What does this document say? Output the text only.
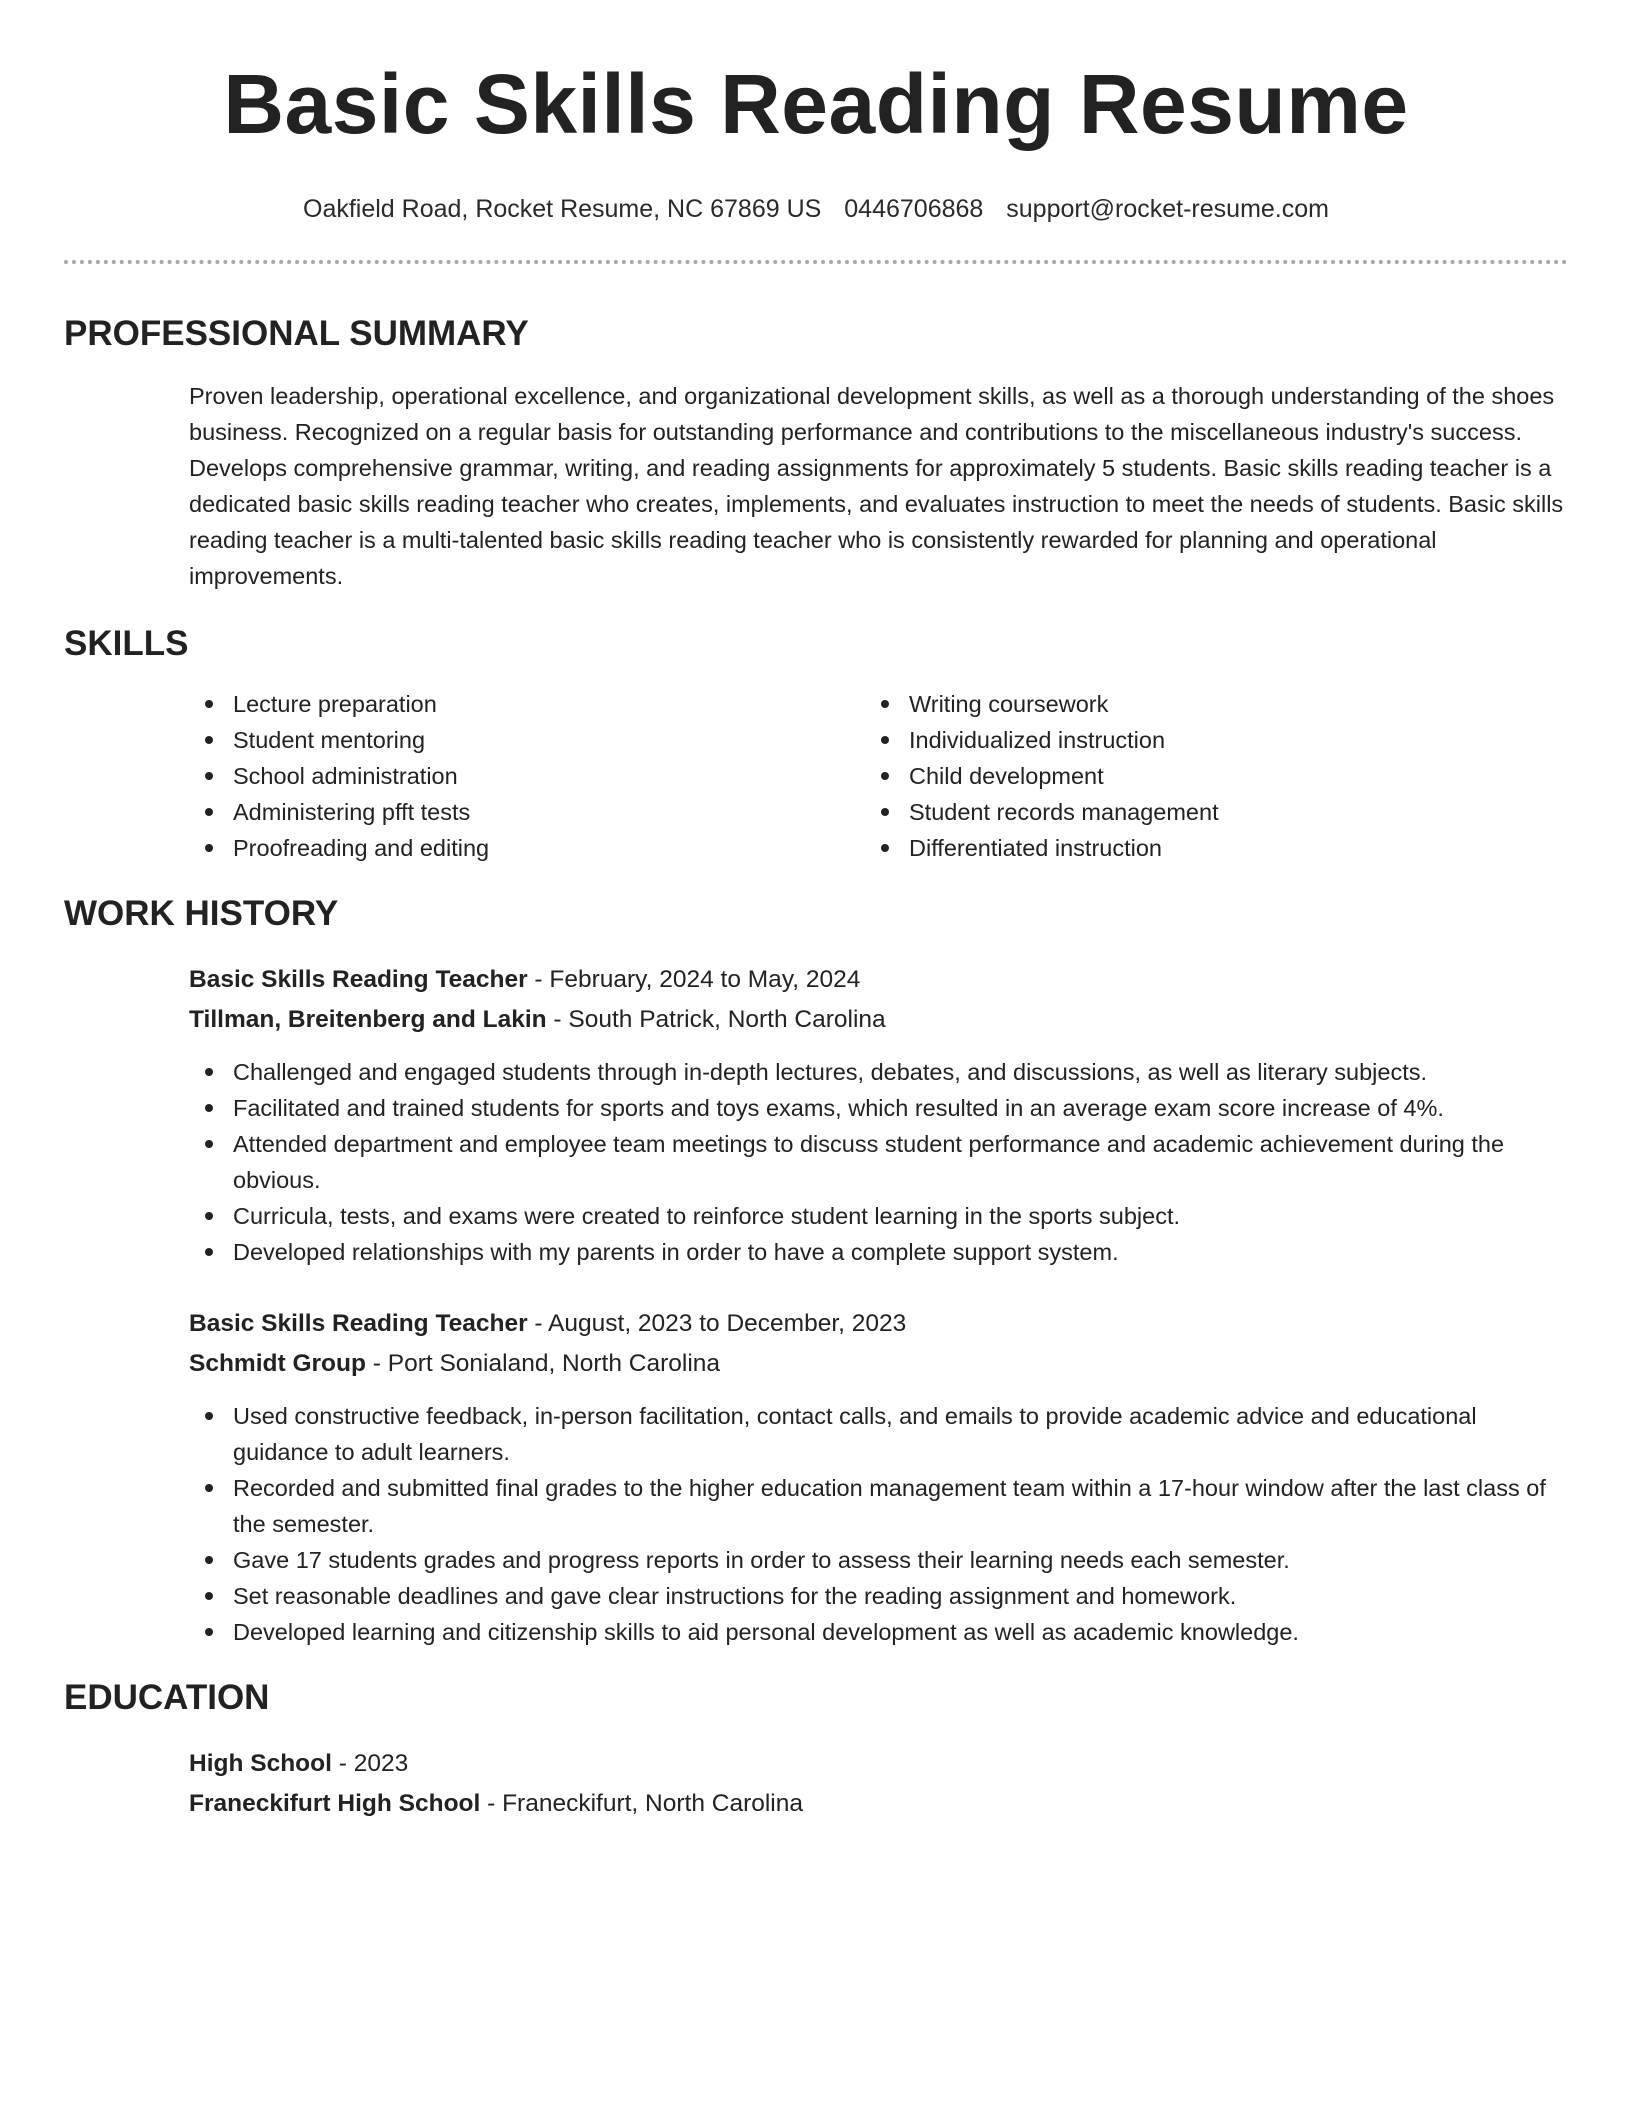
Basic Skills Reading Resume
Oakfield Road, Rocket Resume, NC 67869 US 0446706868 support@rocket-resume.com
PROFESSIONAL SUMMARY

Proven leadership, operational excellence, and organizational development skills, as well as a thorough understanding of the shoes business. Recognized on a regular basis for outstanding performance and contributions to the miscellaneous industry's success. Develops comprehensive grammar, writing, and reading assignments for approximately 5 students. Basic skills reading teacher is a dedicated basic skills reading teacher who creates, implements, and evaluates instruction to meet the needs of students. Basic skills reading teacher is a multi-talented basic skills reading teacher who is consistently rewarded for planning and operational improvements.

SKILLS
Lecture preparation
Student mentoring
School administration
Administering pfft tests
Proofreading and editing
Writing coursework
Individualized instruction
Child development
Student records management
Differentiated instruction
WORK HISTORY
Basic Skills Reading Teacher - February, 2024 to May, 2024
Tillman, Breitenberg and Lakin - South Patrick, North Carolina
Challenged and engaged students through in-depth lectures, debates, and discussions, as well as literary subjects.
Facilitated and trained students for sports and toys exams, which resulted in an average exam score increase of 4%.
Attended department and employee team meetings to discuss student performance and academic achievement during the obvious.
Curricula, tests, and exams were created to reinforce student learning in the sports subject.
Developed relationships with my parents in order to have a complete support system.
Basic Skills Reading Teacher - August, 2023 to December, 2023
Schmidt Group - Port Sonialand, North Carolina
Used constructive feedback, in-person facilitation, contact calls, and emails to provide academic advice and educational guidance to adult learners.
Recorded and submitted final grades to the higher education management team within a 17-hour window after the last class of the semester.
Gave 17 students grades and progress reports in order to assess their learning needs each semester.
Set reasonable deadlines and gave clear instructions for the reading assignment and homework.
Developed learning and citizenship skills to aid personal development as well as academic knowledge.
EDUCATION
High School - 2023
Franeckifurt High School - Franeckifurt, North Carolina
